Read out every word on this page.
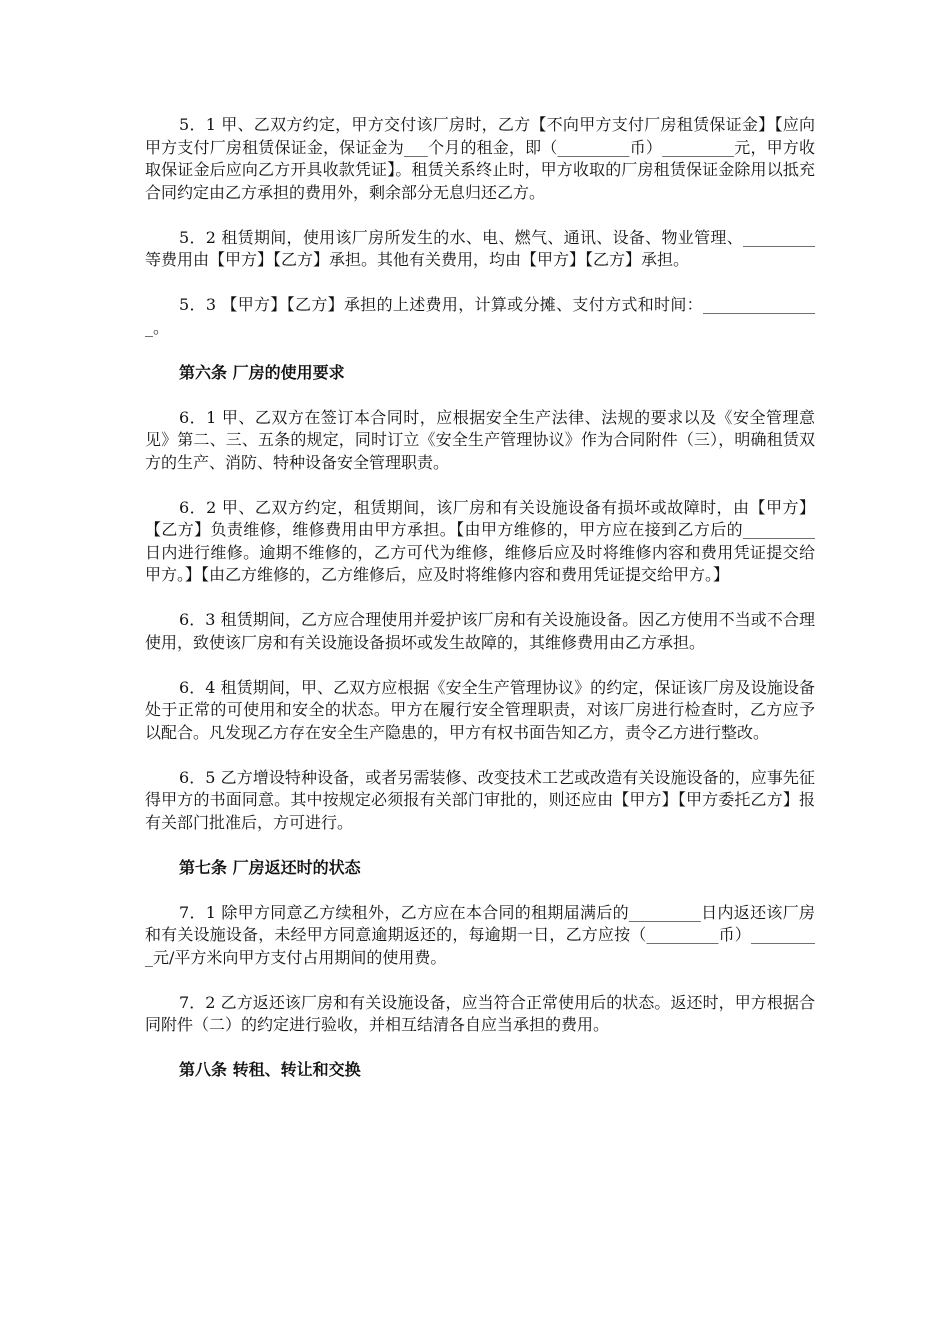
5．1 甲、乙双方约定，甲方交付该厂房时，乙方【不向甲方支付厂房租赁保证金】【应向甲方支付厂房租赁保证金，保证金为___个月的租金，即（_________币）_________元，甲方收取保证金后应向乙方开具收款凭证】。租赁关系终止时，甲方收取的厂房租赁保证金除用以抵充合同约定由乙方承担的费用外，剩余部分无息归还乙方。

5．2 租赁期间，使用该厂房所发生的水、电、燃气、通讯、设备、物业管理、_________等费用由【甲方】【乙方】承担。其他有关费用，均由【甲方】【乙方】承担。

5．3 【甲方】【乙方】承担的上述费用，计算或分摊、支付方式和时间：_______________。

第六条 厂房的使用要求

6．1 甲、乙双方在签订本合同时，应根据安全生产法律、法规的要求以及《安全管理意见》第二、三、五条的规定，同时订立《安全生产管理协议》作为合同附件（三），明确租赁双方的生产、消防、特种设备安全管理职责。

6．2 甲、乙双方约定，租赁期间，该厂房和有关设施设备有损坏或故障时，由【甲方】【乙方】负责维修，维修费用由甲方承担。【由甲方维修的，甲方应在接到乙方后的_________日内进行维修。逾期不维修的，乙方可代为维修，维修后应及时将维修内容和费用凭证提交给甲方。】【由乙方维修的，乙方维修后，应及时将维修内容和费用凭证提交给甲方。】

6．3 租赁期间，乙方应合理使用并爱护该厂房和有关设施设备。因乙方使用不当或不合理使用，致使该厂房和有关设施设备损坏或发生故障的，其维修费用由乙方承担。

6．4 租赁期间，甲、乙双方应根据《安全生产管理协议》的约定，保证该厂房及设施设备处于正常的可使用和安全的状态。甲方在履行安全管理职责，对该厂房进行检查时，乙方应予以配合。凡发现乙方存在安全生产隐患的，甲方有权书面告知乙方，责令乙方进行整改。

6．5 乙方增设特种设备，或者另需装修、改变技术工艺或改造有关设施设备的，应事先征得甲方的书面同意。其中按规定必须报有关部门审批的，则还应由【甲方】【甲方委托乙方】报有关部门批准后，方可进行。

第七条 厂房返还时的状态

7．1 除甲方同意乙方续租外，乙方应在本合同的租期届满后的_________日内返还该厂房和有关设施设备，未经甲方同意逾期返还的，每逾期一日，乙方应按（_________币）_________元/平方米向甲方支付占用期间的使用费。

7．2 乙方返还该厂房和有关设施设备，应当符合正常使用后的状态。返还时，甲方根据合同附件（二）的约定进行验收，并相互结清各自应当承担的费用。

第八条 转租、转让和交换
